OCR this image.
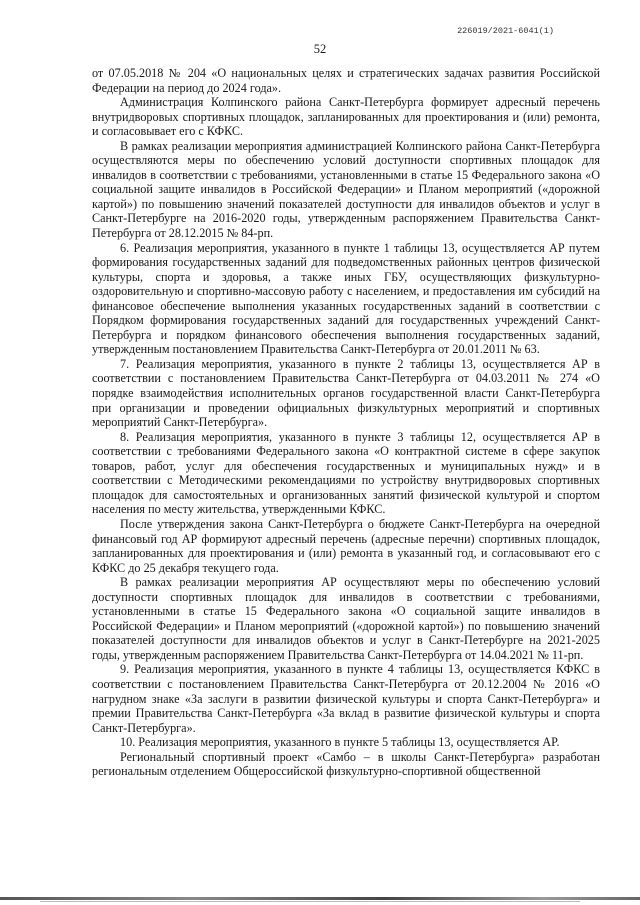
226019/2021-6041(1)
52

от 07.05.2018 № 204 «О национальных целях и стратегических задачах развития Российской Федерации на период до 2024 года».

Администрация Колпинского района Санкт-Петербурга формирует адресный перечень внутридворовых спортивных площадок, запланированных для проектирования и (или) ремонта, и согласовывает его с КФКС.

В рамках реализации мероприятия администрацией Колпинского района Санкт-Петербурга осуществляются меры по обеспечению условий доступности спортивных площадок для инвалидов в соответствии с требованиями, установленными в статье 15 Федерального закона «О социальной защите инвалидов в Российской Федерации» и Планом мероприятий («дорожной картой») по повышению значений показателей доступности для инвалидов объектов и услуг в Санкт-Петербурге на 2016-2020 годы, утвержденным распоряжением Правительства Санкт-Петербурга от 28.12.2015 № 84-рп.

6. Реализация мероприятия, указанного в пункте 1 таблицы 13, осуществляется АР путем формирования государственных заданий для подведомственных районных центров физической культуры, спорта и здоровья, а также иных ГБУ, осуществляющих физкультурно-оздоровительную и спортивно-массовую работу с населением, и предоставления им субсидий на финансовое обеспечение выполнения указанных государственных заданий в соответствии с Порядком формирования государственных заданий для государственных учреждений Санкт-Петербурга и порядком финансового обеспечения выполнения государственных заданий, утвержденным постановлением Правительства Санкт-Петербурга от 20.01.2011 № 63.

7. Реализация мероприятия, указанного в пункте 2 таблицы 13, осуществляется АР в соответствии с постановлением Правительства Санкт-Петербурга от 04.03.2011 № 274 «О порядке взаимодействия исполнительных органов государственной власти Санкт-Петербурга при организации и проведении официальных физкультурных мероприятий и спортивных мероприятий Санкт-Петербурга».

8. Реализация мероприятия, указанного в пункте 3 таблицы 12, осуществляется АР в соответствии с требованиями Федерального закона «О контрактной системе в сфере закупок товаров, работ, услуг для обеспечения государственных и муниципальных нужд» и в соответствии с Методическими рекомендациями по устройству внутридворовых спортивных площадок для самостоятельных и организованных занятий физической культурой и спортом населения по месту жительства, утвержденными КФКС.

После утверждения закона Санкт-Петербурга о бюджете Санкт-Петербурга на очередной финансовый год АР формируют адресный перечень (адресные перечни) спортивных площадок, запланированных для проектирования и (или) ремонта в указанный год, и согласовывают его с КФКС до 25 декабря текущего года.

В рамках реализации мероприятия АР осуществляют меры по обеспечению условий доступности спортивных площадок для инвалидов в соответствии с требованиями, установленными в статье 15 Федерального закона «О социальной защите инвалидов в Российской Федерации» и Планом мероприятий («дорожной картой») по повышению значений показателей доступности для инвалидов объектов и услуг в Санкт-Петербурге на 2021-2025 годы, утвержденным распоряжением Правительства Санкт-Петербурга от 14.04.2021 № 11-рп.

9. Реализация мероприятия, указанного в пункте 4 таблицы 13, осуществляется КФКС в соответствии с постановлением Правительства Санкт-Петербурга от 20.12.2004 № 2016 «О нагрудном знаке «За заслуги в развитии физической культуры и спорта Санкт-Петербурга» и премии Правительства Санкт-Петербурга «За вклад в развитие физической культуры и спорта Санкт-Петербурга».

10. Реализация мероприятия, указанного в пункте 5 таблицы 13, осуществляется АР.

Региональный спортивный проект «Самбо – в школы Санкт-Петербурга» разработан региональным отделением Общероссийской физкультурно-спортивной общественной
